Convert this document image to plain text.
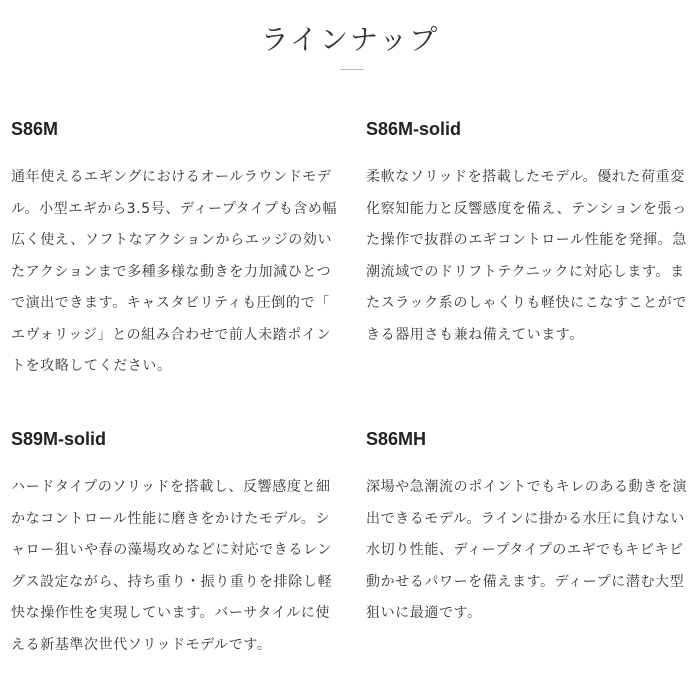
ラインナップ
S86M

通年使えるエギングにおけるオールラウンドモデル。小型エギから3.5号、ディープタイプも含め幅広く使え、ソフトなアクションからエッジの効いたアクションまで多種多様な動きを力加減ひとつで演出できます。キャスタビリティも圧倒的で「エヴォリッジ」との組み合わせで前人未踏ポイントを攻略してください。

S86M-solid

柔軟なソリッドを搭載したモデル。優れた荷重変化察知能力と反響感度を備え、テンションを張った操作で抜群のエギコントロール性能を発揮。急潮流域でのドリフトテクニックに対応します。またスラック系のしゃくりも軽快にこなすことができる器用さも兼ね備えています。

S89M-solid

ハードタイプのソリッドを搭載し、反響感度と細かなコントロール性能に磨きをかけたモデル。シャロー狙いや春の藻場攻めなどに対応できるレングス設定ながら、持ち重り・振り重りを排除し軽快な操作性を実現しています。バーサタイルに使える新基準次世代ソリッドモデルです。

S86MH

深場や急潮流のポイントでもキレのある動きを演出できるモデル。ラインに掛かる水圧に負けない水切り性能、ディープタイプのエギでもキビキビ動かせるパワーを備えます。ディープに潜む大型狙いに最適です。
